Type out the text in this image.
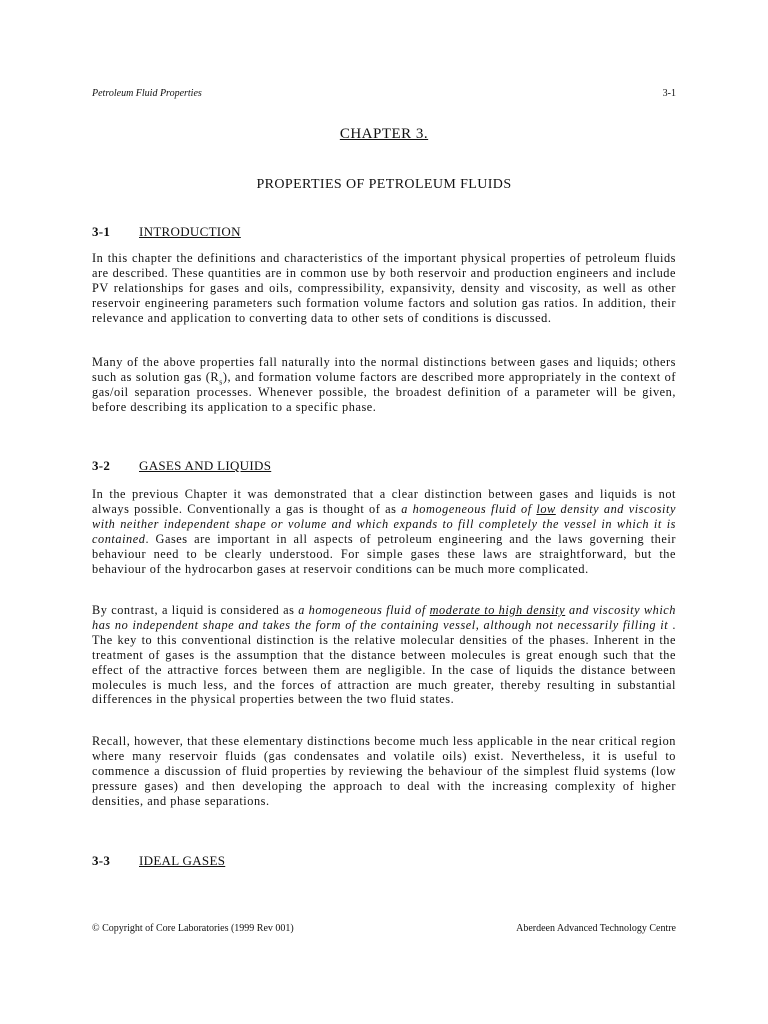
Petroleum Fluid Properties	3-1
CHAPTER 3.
PROPERTIES OF PETROLEUM FLUIDS
3-1	INTRODUCTION

In this chapter the definitions and characteristics of the important physical properties of petroleum fluids are described. These quantities are in common use by both reservoir and production engineers and include PV relationships for gases and oils, compressibility, expansivity, density and viscosity, as well as other reservoir engineering parameters such formation volume factors and solution gas ratios. In addition, their relevance and application to converting data to other sets of conditions is discussed.

Many of the above properties fall naturally into the normal distinctions between gases and liquids; others such as solution gas $(R_s)$, and formation volume factors are described more appropriately in the context of gas/oil separation processes. Whenever possible, the broadest definition of a parameter will be given, before describing its application to a specific phase.

3-2	GASES AND LIQUIDS

In the previous Chapter it was demonstrated that a clear distinction between gases and liquids is not always possible. Conventionally a gas is thought of as a homogeneous fluid of low density and viscosity with neither independent shape or volume and which expands to fill completely the vessel in which it is contained. Gases are important in all aspects of petroleum engineering and the laws governing their behaviour need to be clearly understood. For simple gases these laws are straightforward, but the behaviour of the hydrocarbon gases at reservoir conditions can be much more complicated.

By contrast, a liquid is considered as a homogeneous fluid of moderate to high density and viscosity which has no independent shape and takes the form of the containing vessel, although not necessarily filling it . The key to this conventional distinction is the relative molecular densities of the phases. Inherent in the treatment of gases is the assumption that the distance between molecules is great enough such that the effect of the attractive forces between them are negligible. In the case of liquids the distance between molecules is much less, and the forces of attraction are much greater, thereby resulting in substantial differences in the physical properties between the two fluid states.

Recall, however, that these elementary distinctions become much less applicable in the near critical region where many reservoir fluids (gas condensates and volatile oils) exist. Nevertheless, it is useful to commence a discussion of fluid properties by reviewing the behaviour of the simplest fluid systems (low pressure gases) and then developing the approach to deal with the increasing complexity of higher densities, and phase separations.

3-3	IDEAL GASES
© Copyright of Core Laboratories (1999 Rev 001)	Aberdeen Advanced Technology Centre
